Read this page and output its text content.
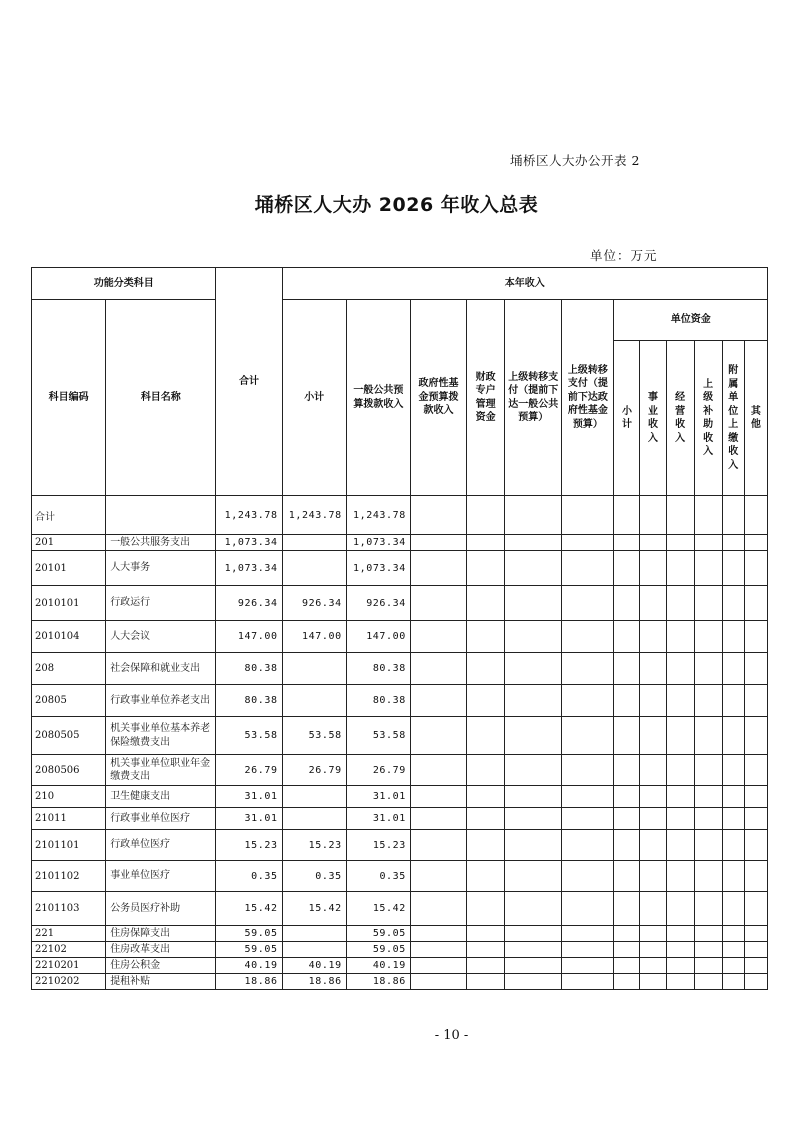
埇桥区人大办公开表 2
埇桥区人大办 2026 年收入总表
单位：万元
功能分类科目		合计	本年收入											
科目编码	科目名称		小计	一般公共预算拨款收入	政府性基金预算拨款收入	财政专户管理资金	上级转移支付（提前下达一般公共预算）	上级转移支付（提前下达政府性基金预算）	单位资金					

									小计	事业收入	经营收入	上级补助收入	附属单位上缴收入	其他

合计		1,243.78	1,243.78	1,243.78										
201	一般公共服务支出	1,073.34		1,073.34										
20101	人大事务	1,073.34		1,073.34										
2010101	行政运行	926.34	926.34	926.34										
2010104	人大会议	147.00	147.00	147.00										
208	社会保障和就业支出	80.38		80.38										
20805	行政事业单位养老支出	80.38		80.38										
2080505	机关事业单位基本养老保险缴费支出	53.58	53.58	53.58										
2080506	机关事业单位职业年金缴费支出	26.79	26.79	26.79										
210	卫生健康支出	31.01		31.01										
21011	行政事业单位医疗	31.01		31.01										
2101101	行政单位医疗	15.23	15.23	15.23										
2101102	事业单位医疗	0.35	0.35	0.35										
2101103	公务员医疗补助	15.42	15.42	15.42										
221	住房保障支出	59.05		59.05										
22102	住房改革支出	59.05		59.05										
2210201	住房公积金	40.19	40.19	40.19										
2210202	提租补贴	18.86	18.86	18.86										
- 10 -
